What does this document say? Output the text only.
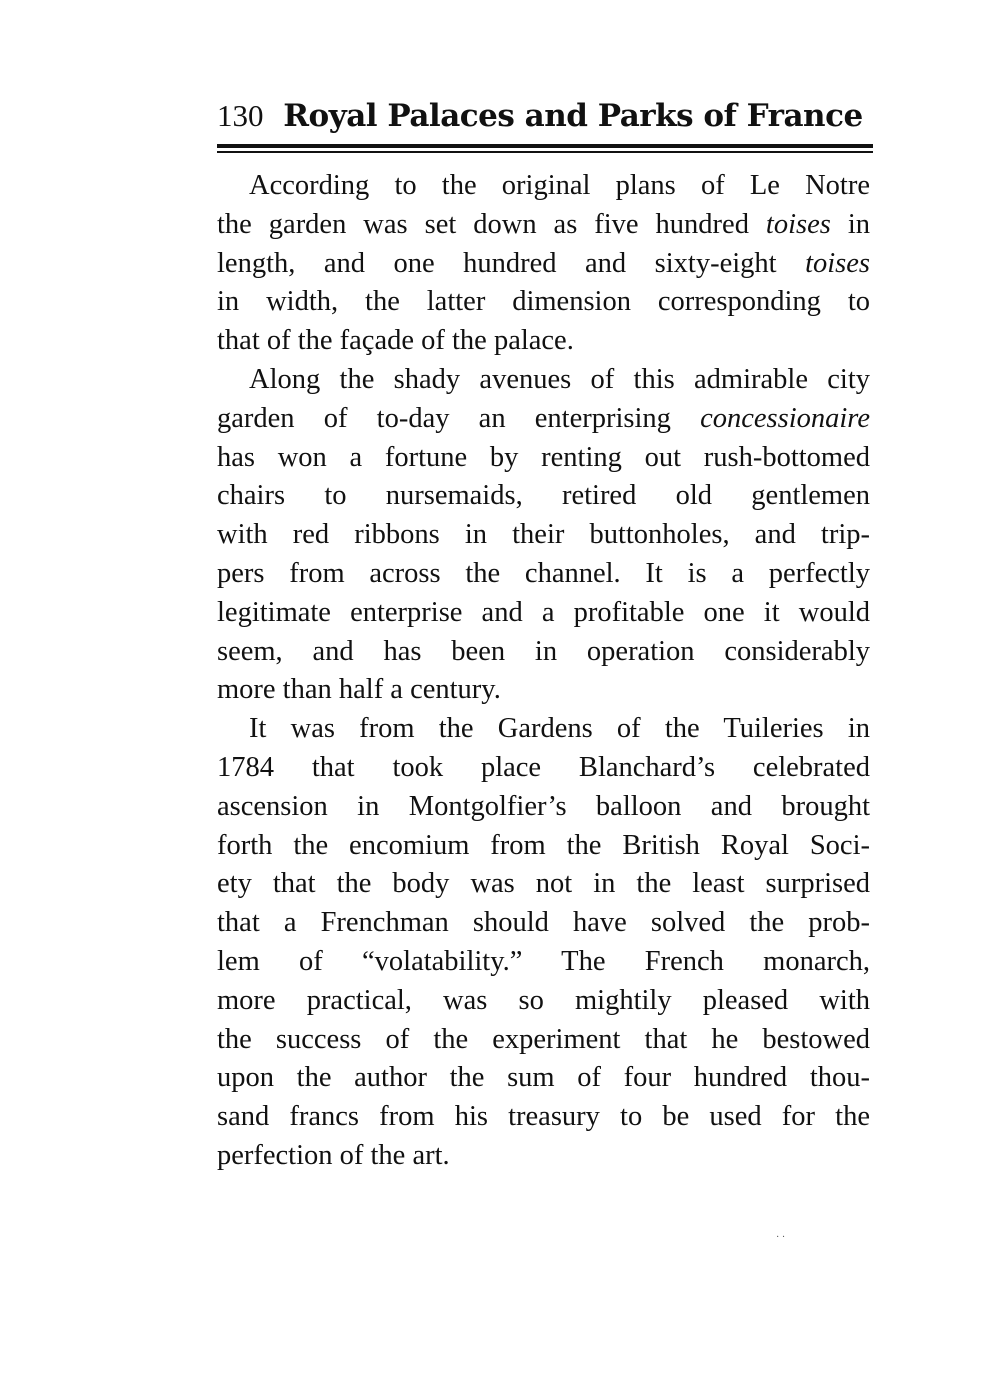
130 Royal Palaces and Parks of France
According to the original plans of Le Notre
the garden was set down as five hundred toises in
length, and one hundred and sixty-eight toises
in width, the latter dimension corresponding to
that of the façade of the palace.
Along the shady avenues of this admirable city
garden of to-day an enterprising concessionaire
has won a fortune by renting out rush-bottomed
chairs to nursemaids, retired old gentlemen
with red ribbons in their buttonholes, and trip-
pers from across the channel. It is a perfectly
legitimate enterprise and a profitable one it would
seem, and has been in operation considerably
more than half a century.
It was from the Gardens of the Tuileries in
1784 that took place Blanchard’s celebrated
ascension in Montgolfier’s balloon and brought
forth the encomium from the British Royal Soci-
ety that the body was not in the least surprised
that a Frenchman should have solved the prob-
lem of “volatability.” The French monarch,
more practical, was so mightily pleased with
the success of the experiment that he bestowed
upon the author the sum of four hundred thou-
sand francs from his treasury to be used for the
perfection of the art.
· ·
